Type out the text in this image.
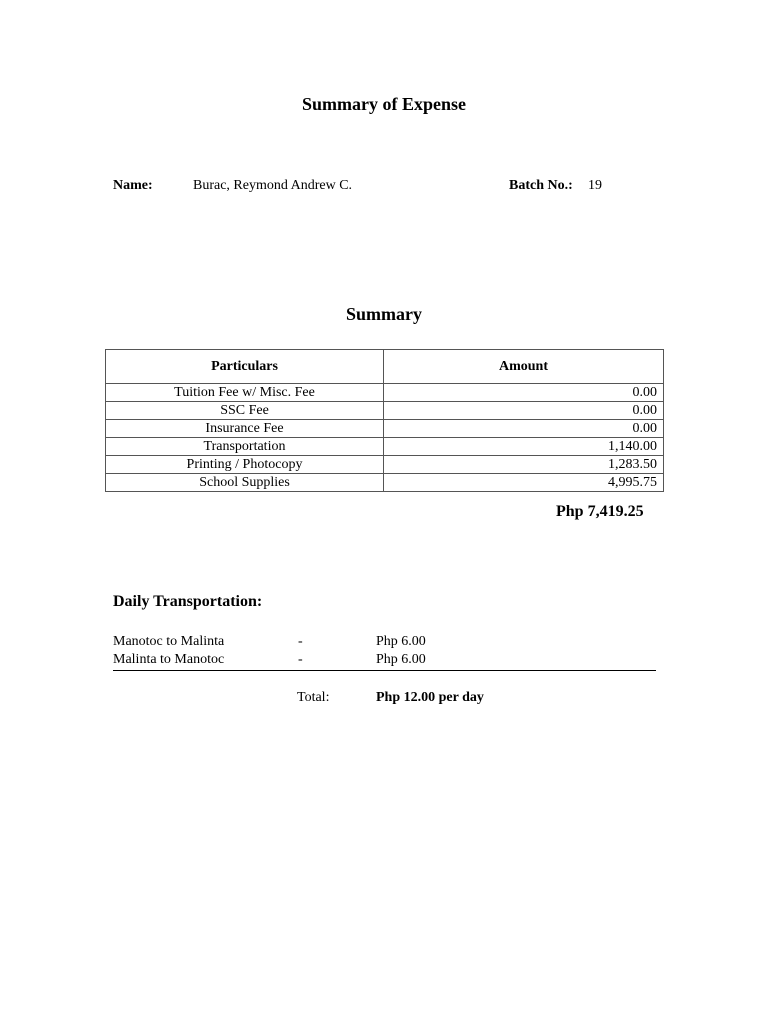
Summary of Expense
Name:	Burac, Reymond Andrew C.	Batch No.: 19
Summary
Particulars	Amount
Tuition Fee w/ Misc. Fee	0.00
SSC Fee	0.00
Insurance Fee	0.00
Transportation	1,140.00
Printing / Photocopy	1,283.50
School Supplies	4,995.75
Php 7,419.25
Daily Transportation:
Manotoc to Malinta	-	Php 6.00
Malinta to Manotoc	-	Php 6.00
Total:	Php 12.00 per day
